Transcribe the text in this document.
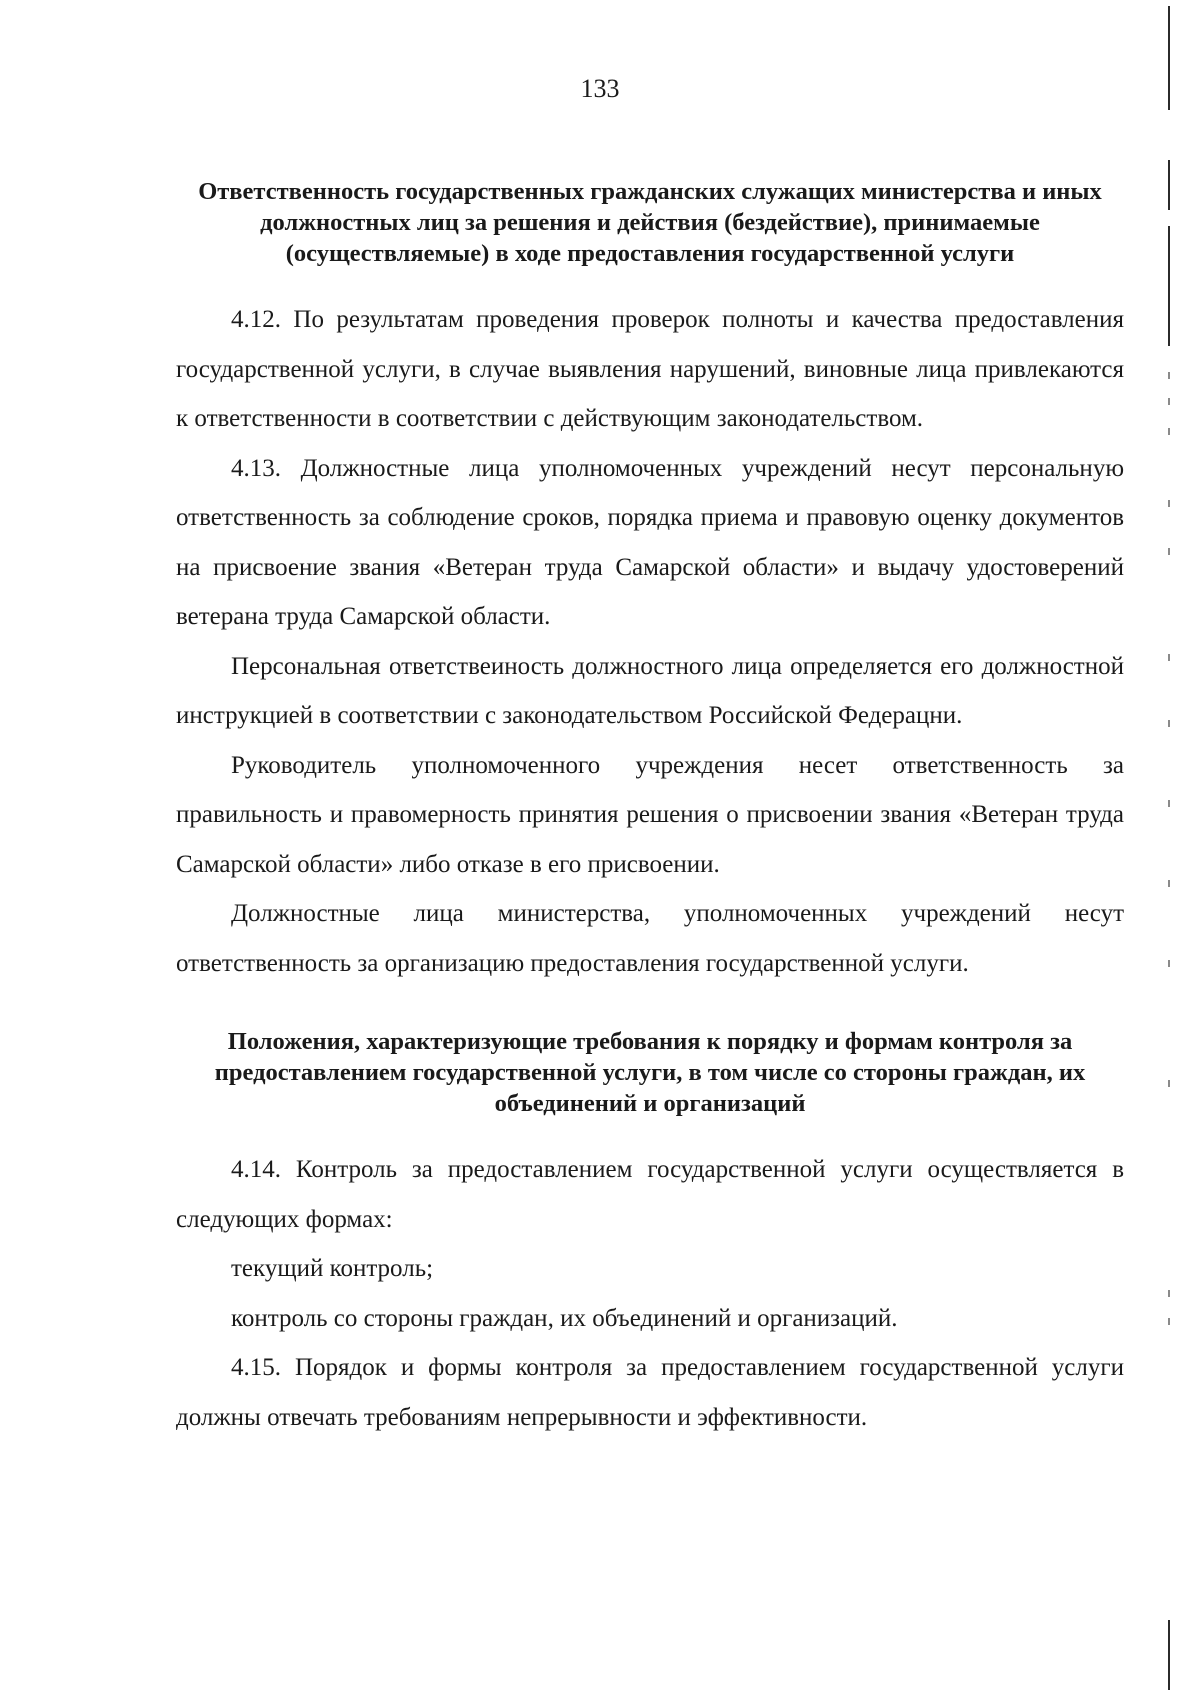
133
Ответственность государственных гражданских служащих министерства и иных должностных лиц за решения и действия (бездействие), принимаемые (осуществляемые) в ходе предоставления государственной услуги

4.12. По результатам проведения проверок полноты и качества предоставления государственной услуги, в случае выявления нарушений, виновные лица привлекаются к ответственности в соответствии с действующим законодательством.

4.13. Должностные лица уполномоченных учреждений несут персональную ответственность за соблюдение сроков, порядка приема и правовую оценку документов на присвоение звания «Ветеран труда Самарской области» и выдачу удостоверений ветерана труда Самарской области.

Персональная ответствеиность должностного лица определяется его должностной инструкцией в соответствии с законодательством Российской Федерацни.

Руководитель уполномоченного учреждения несет ответственность за правильность и правомерность принятия решения о присвоении звания «Ветеран труда Самарской области» либо отказе в его присвоении.

Должностные лица министерства, уполномоченных учреждений несут ответственность за организацию предоставления государственной услуги.

Положения, характеризующие требования к порядку и формам контроля за предоставлением государственной услуги, в том числе со стороны граждан, их объединений и организаций

4.14. Контроль за предоставлением государственной услуги осуществляется в следующих формах:

текущий контроль;

контроль со стороны граждан, их объединений и организаций.

4.15. Порядок и формы контроля за предоставлением государственной услуги должны отвечать требованиям непрерывности и эффективности.
